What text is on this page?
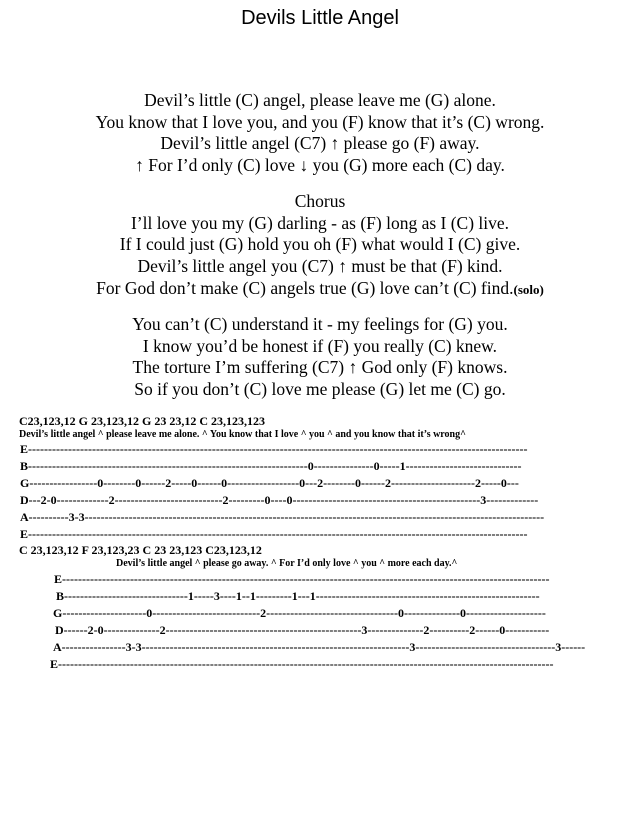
Devils Little Angel
Devil’s little (C) angel, please leave me (G) alone.
You know that I love you, and you (F) know that it’s (C) wrong.
Devil’s little angel (C7) ↑ please go (F) away.
↑ For I’d only (C) love ↓ you (G) more each (C) day.
Chorus
I’ll love you my (G) darling - as (F) long as I (C) live.
If I could just (G) hold you oh (F) what would I (C) give.
Devil’s little angel you (C7) ↑ must be that (F) kind.
For God don’t make (C) angels true (G) love can’t (C) find.(solo)
You can’t (C) understand it - my feelings for (G) you.
I know you’d be honest if (F) you really (C) knew.
The torture I’m suffering (C7) ↑ God only (F) knows.
So if you don’t (C) love me please (G) let me (C) go.

C23,123,12 G 23,123,12 G 23 23,12 C 23,123,123

Devil’s little angel ^ please leave me alone. ^ You know that I love ^ you ^ and you know that it’s wrong^

E-----------------------------------------------------------------------------------------------------------------------------

B----------------------------------------------------------------------0---------------0-----1-----------------------------

G-----------------0--------0------2-----0------0------------------0---2--------0------2---------------------2-----0---

D---2-0-------------2---------------------------2---------0----0-----------------------------------------------3-------------

A----------3-3-------------------------------------------------------------------------------------------------------------------

E-----------------------------------------------------------------------------------------------------------------------------

C 23,123,12 F 23,123,23 C 23 23,123 C23,123,12

Devil’s little angel ^ please go away. ^ For I’d only love ^ you ^ more each day.^

E--------------------------------------------------------------------------------------------------------------------------

B-------------------------------1-----3----1--1---------1---1--------------------------------------------------------

G---------------------0---------------------------2---------------------------------0--------------0--------------------

D------2-0--------------2-------------------------------------------------3--------------2----------2------0-----------

A----------------3-3-------------------------------------------------------------------3-----------------------------------3------

E----------------------------------------------------------------------------------------------------------------------------
